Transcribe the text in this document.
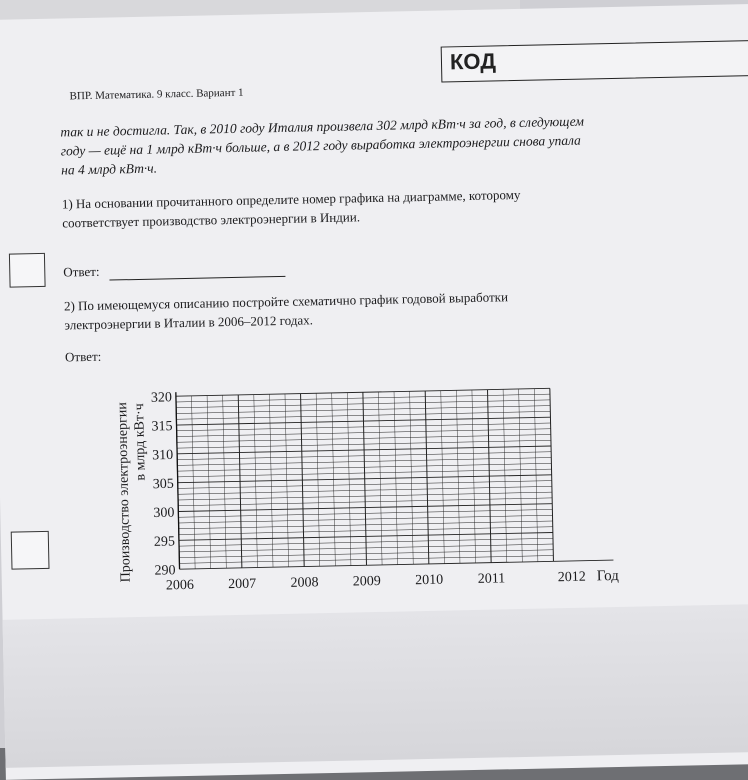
ВПР. Математика. 9 класс. Вариант 1
КОД
так и не достигла. Так, в 2010 году Италия произвела 302 млрд кВт·ч за год, в следующем
году — ещё на 1 млрд кВт·ч больше, а в 2012 году выработка электроэнергии снова упала
на 4 млрд кВт·ч.
1) На основании прочитанного определите номер графика на диаграмме, которому
соответствует производство электроэнергии в Индии.
Ответ:
2) По имеющемуся описанию постройте схематично график годовой выработки
электроэнергии в Италии в 2006–2012 годах.
Ответ:
Производство электроэнергии
в млрд кВт·ч
290
295
300
305
310
315
320
2006 2007 2008 2009 2010 2011	2012 Год
